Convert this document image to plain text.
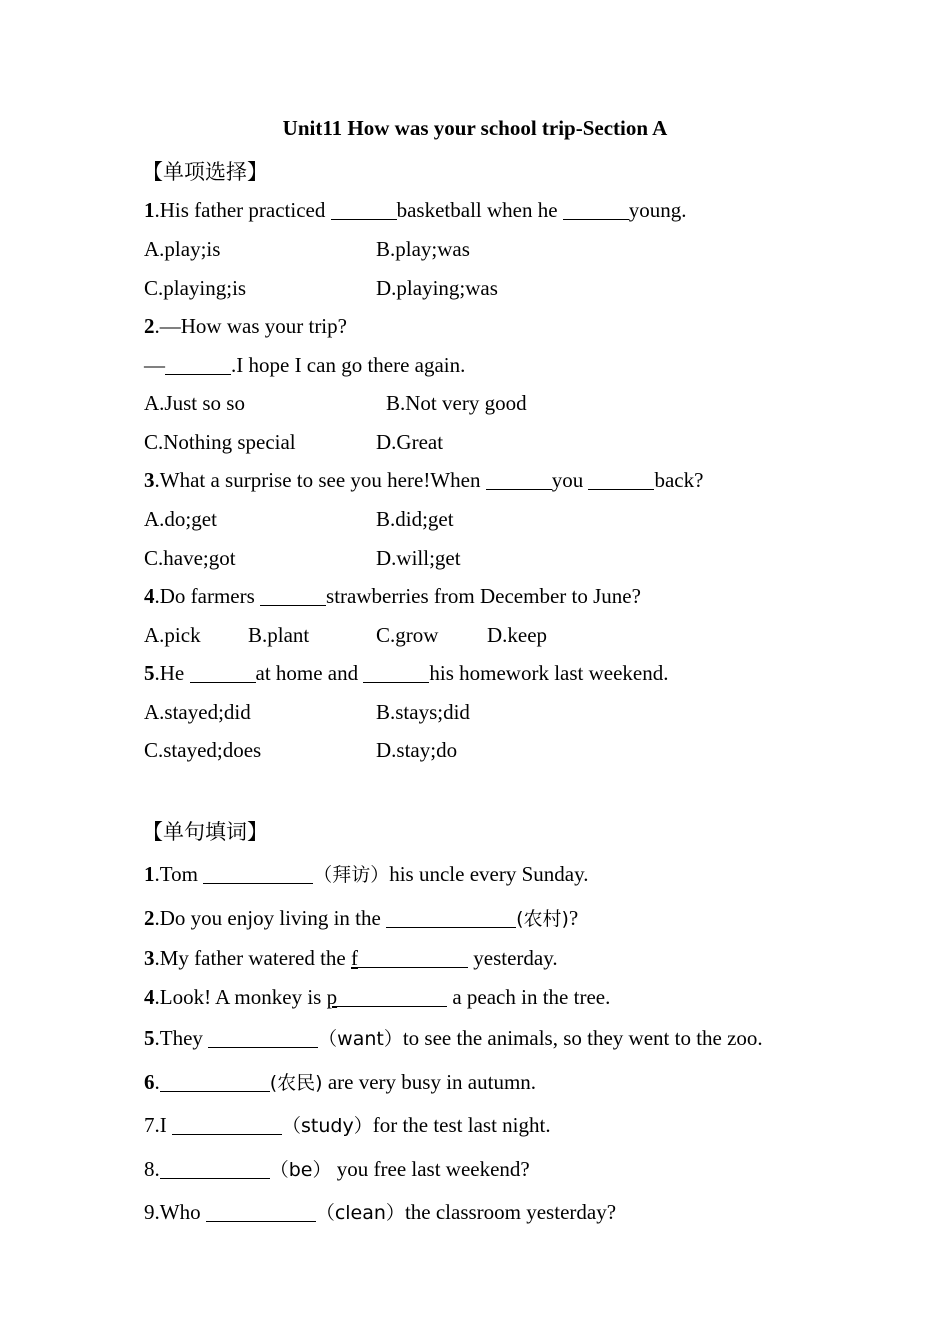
Unit11 How was your school trip-Section A
【单项选择】
1.His father practiced	basketball when he	young.
A.play;is	B.play;was
C.playing;is	D.playing;was
2.—How was your trip?
—	.I hope I can go there again.
A.Just so so	B.Not very good
C.Nothing special	D.Great
3.What a surprise to see you here!When	you	back?
A.do;get	B.did;get
C.have;got	D.will;get
4.Do farmers	strawberries from December to June?
A.pick B.plant	C.grow D.keep
5.He	at home and	his homework last weekend.
A.stayed;did	B.stays;did
C.stayed;does	D.stay;do
【单句填词】
1.Tom	（拜访）his uncle every Sunday.
2.Do you enjoy living in the	(农村)?
3.My father watered the f	yesterday.
4.Look! A monkey is p	a peach in the tree.
5.They	（want）to see the animals, so they went to the zoo.
6.	(农民) are very busy in autumn.
7.I	（study）for the test last night.
8.	（be） you free last weekend?
9.Who	（clean）the classroom yesterday?
